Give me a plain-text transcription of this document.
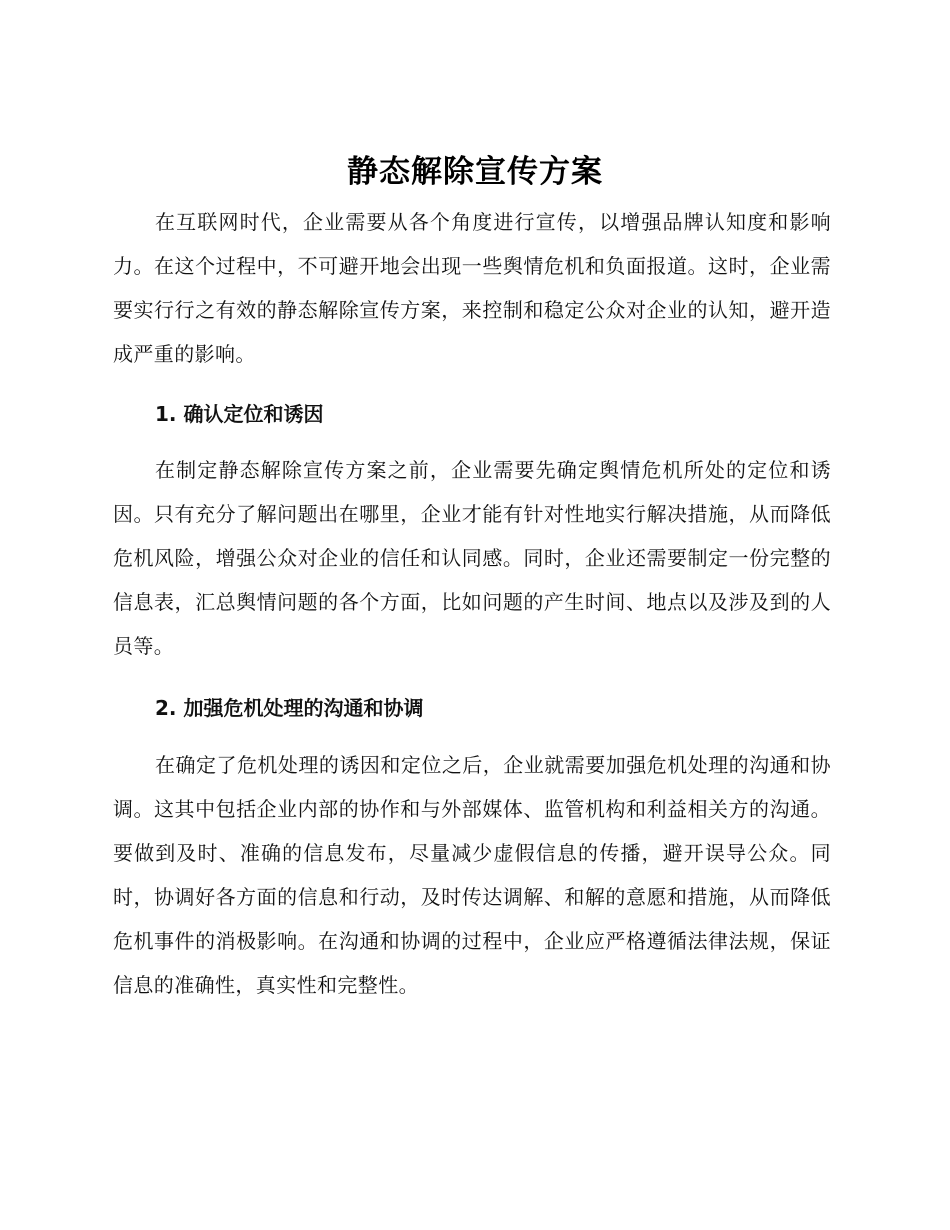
静态解除宣传方案

在互联网时代，企业需要从各个角度进行宣传，以增强品牌认知度和影响力。在这个过程中，不可避开地会出现一些舆情危机和负面报道。这时，企业需要实行行之有效的静态解除宣传方案，来控制和稳定公众对企业的认知，避开造成严重的影响。

1. 确认定位和诱因

在制定静态解除宣传方案之前，企业需要先确定舆情危机所处的定位和诱因。只有充分了解问题出在哪里，企业才能有针对性地实行解决措施，从而降低危机风险，增强公众对企业的信任和认同感。同时，企业还需要制定一份完整的信息表，汇总舆情问题的各个方面，比如问题的产生时间、地点以及涉及到的人员等。

2. 加强危机处理的沟通和协调

在确定了危机处理的诱因和定位之后，企业就需要加强危机处理的沟通和协调。这其中包括企业内部的协作和与外部媒体、监管机构和利益相关方的沟通。要做到及时、准确的信息发布，尽量减少虚假信息的传播，避开误导公众。同时，协调好各方面的信息和行动，及时传达调解、和解的意愿和措施，从而降低危机事件的消极影响。在沟通和协调的过程中，企业应严格遵循法律法规，保证信息的准确性，真实性和完整性。
